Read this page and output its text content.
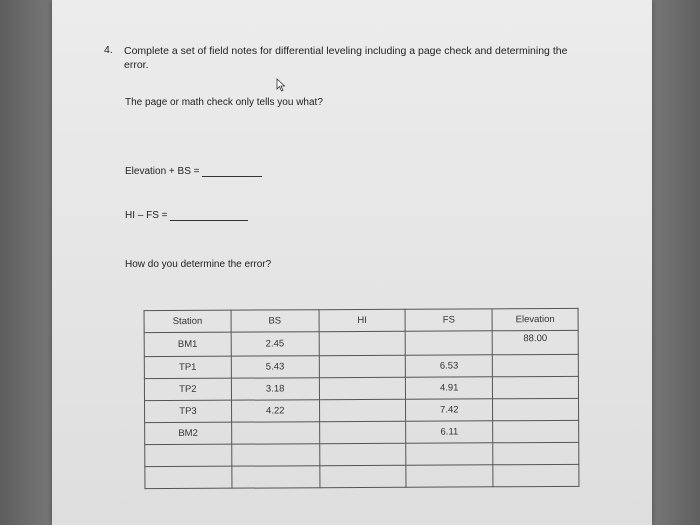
4. Complete a set of field notes for differential leveling including a page check and determining the error.
The page or math check only tells you what?
Elevation + BS =
HI – FS =
How do you determine the error?
Station	BS	HI	FS	Elevation
BM1	2.45			88.00
TP1	5.43		6.53	
TP2	3.18		4.91	
TP3	4.22		7.42	
BM2			6.11	
